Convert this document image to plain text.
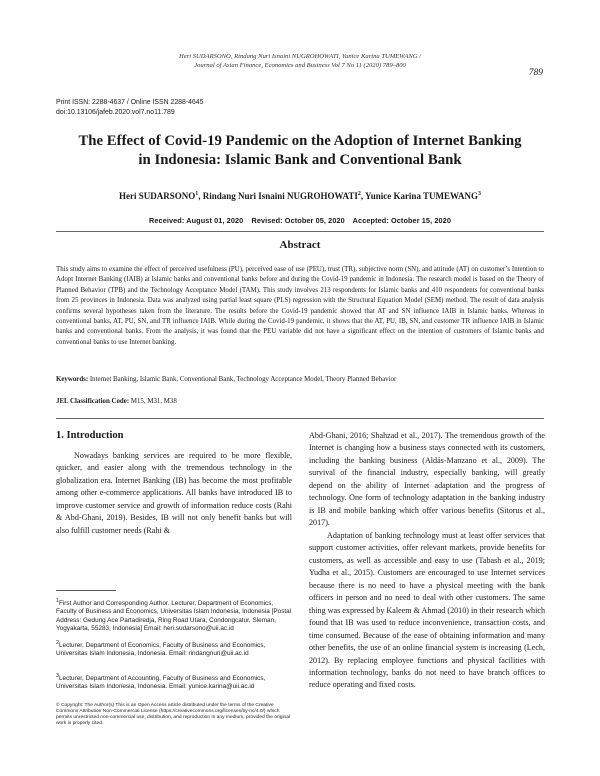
Heri SUDARSONO, Rindang Nuri Isnaini NUGROHOWATI, Yunice Karina TUMEWANG /
Journal of Asian Finance, Economics and Business Vol 7 No 11 (2020) 789–800
789
Print ISSN: 2288-4637 / Online ISSN 2288-4645
doi:10.13106/jafeb.2020.vol7.no11.789
The Effect of Covid-19 Pandemic on the Adoption of Internet Banking
in Indonesia: Islamic Bank and Conventional Bank
Heri SUDARSONO$^1$, Rindang Nuri Isnaini NUGROHOWATI$^2$, Yunice Karina TUMEWANG$^3$
Received: August 01, 2020 Revised: October 05, 2020 Accepted: October 15, 2020
Abstract
This study aims to examine the effect of perceived usefulness (PU), perceived ease of use (PEU), trust (TR), subjective norm (SN), and attitude (AT) on customer’s Intention to Adopt Internet Banking (IAIB) at Islamic banks and conventional banks before and during the Covid-19 pandemic in Indonesia. The research model is based on the Theory of Planned Behavior (TPB) and the Technology Acceptance Model (TAM). This study involves 213 respondents for Islamic banks and 410 respondents for conventional banks from 25 provinces in Indonesia. Data was analyzed using partial least square (PLS) regression with the Structural Equation Model (SEM) method. The result of data analysis confirms several hypotheses taken from the literature. The results before the Covid-19 pandemic showed that AT and SN influence IAIB in Islamic banks. Whereas in conventional banks, AT, PU, SN, and TR influence IAIB. While during the Covid-19 pandemic, it shows that the AT, PU, IB, SN, and customer TR influence IAIB in Islamic banks and conventional banks. From the analysis, it was found that the PEU variable did not have a significant effect on the intention of customers of Islamic banks and conventional banks to use Internet banking.
Keywords: Internet Banking, Islamic Bank, Conventional Bank, Technology Acceptance Model, Theory Planned Behavior
JEL Classification Code: M15, M31, M38
1. Introduction
Nowadays banking services are required to be more flexible, quicker, and easier along with the tremendous technology in the globalization era. Internet Banking (IB) has become the most profitable among other e-commerce applications. All banks have introduced IB to improve customer service and growth of information reduce costs (Rahi & Abd-Ghani, 2019). Besides, IB will not only benefit banks but will also fulfill customer needs (Rahi &
Abd-Ghani, 2016; Shahzad et al., 2017). The tremendous growth of the Internet is changing how a business stays connected with its customers, including the banking business (Aldás-Manzano et al., 2009). The survival of the financial industry, especially banking, will greatly depend on the ability of Internet adaptation and the progress of technology. One form of technology adaptation in the banking industry is IB and mobile banking which offer various benefits (Sitorus et al., 2017).
Adaptation of banking technology must at least offer services that support customer activities, offer relevant markets, provide benefits for customers, as well as accessible and easy to use (Tabash et al., 2019; Yudha et al., 2015). Customers are encouraged to use Internet services because there is no need to have a physical meeting with the bank officers in person and no need to deal with other customers. The same thing was expressed by Kaleem & Ahmad (2010) in their research which found that IB was used to reduce inconvenience, transaction costs, and time consumed. Because of the ease of obtaining information and many other benefits, the use of an online financial system is increasing (Lech, 2012). By replacing employee functions and physical facilities with information technology, banks do not need to have branch offices to reduce operating and fixed costs.
$^1$First Author and Corresponding Author. Lecturer, Department of Economics, Faculty of Business and Economics, Universitas Islam Indonesia, Indonesia [Postal Address: Gedung Ace Partadiredja, Ring Road Utara, Condongcatur, Sleman, Yogyakarta, 55283, Indonesia] Email: heri.sudarsono@uii.ac.id
$^2$Lecturer, Department of Economics, Faculty of Business and Economics, Universitas Islam Indonesia, Indonesia. Email: rindangnuri@uii.ac.id
$^3$Lecturer, Department of Accounting, Faculty of Business and Economics, Universitas Islam Indonesia, Indonesia. Email: yunice.karina@uii.ac.id
© Copyright: The Author(s) This is an Open Access article distributed under the terms of the Creative Commons Attribution Non-Commercial License (https://creativecommons.org/licenses/by-nc/4.0/) which permits unrestricted non-commercial use, distribution, and reproduction in any medium, provided the original work is properly cited.
